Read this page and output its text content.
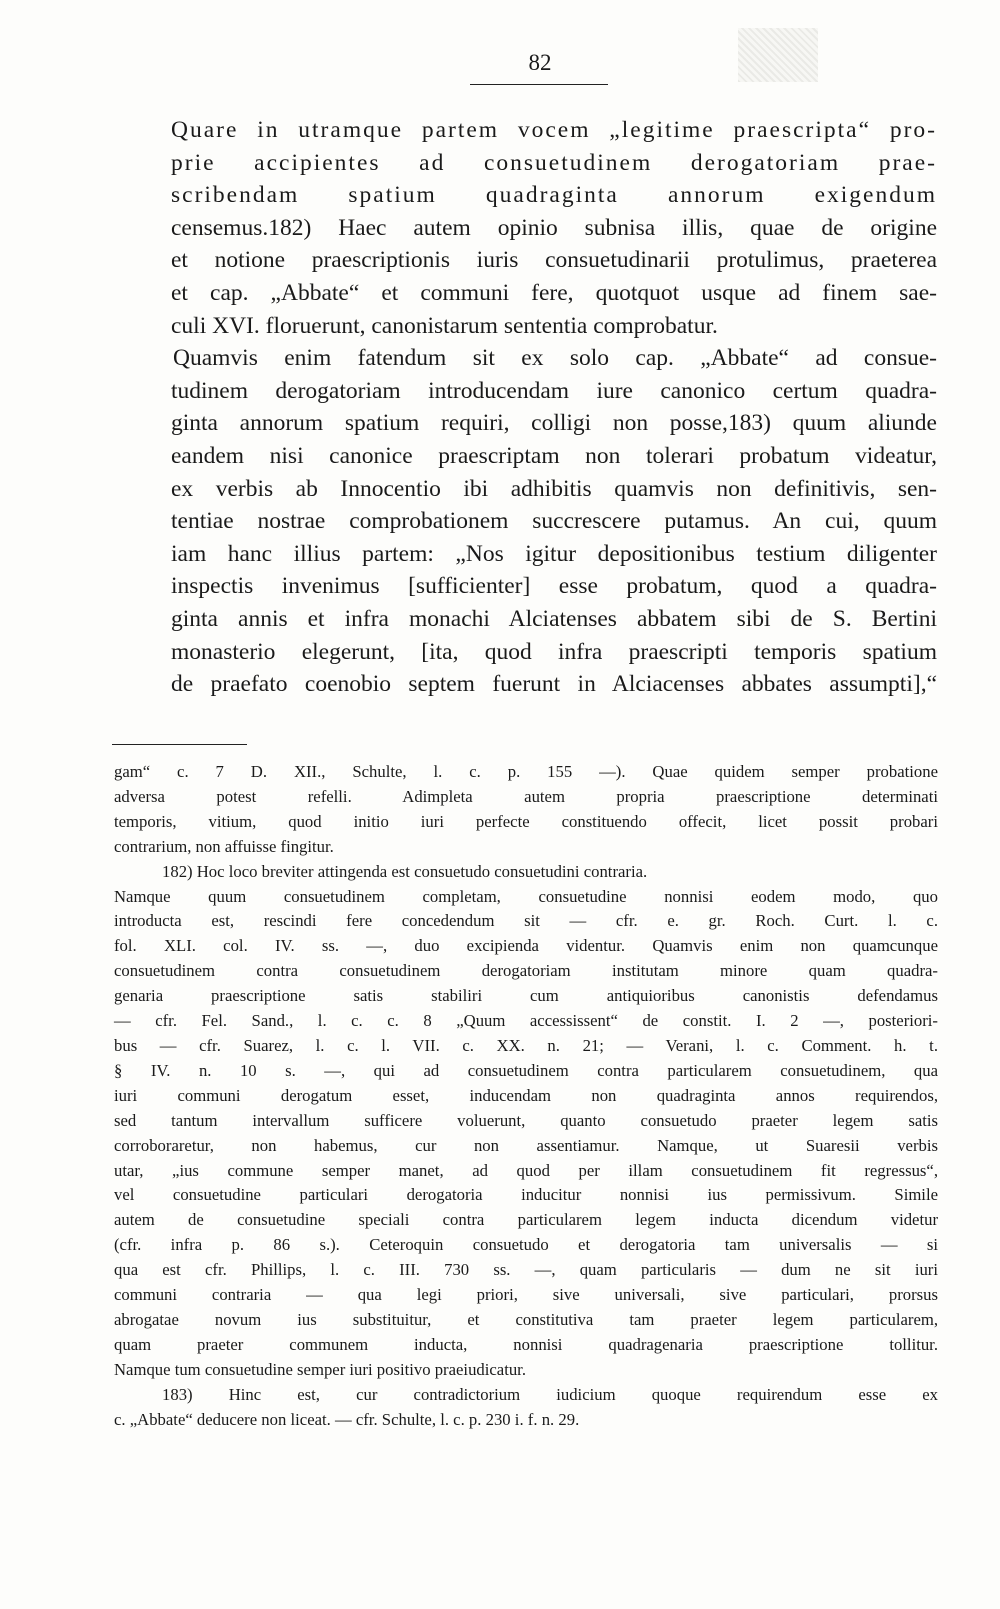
82
Quare in utramque partem vocem „legitime praescripta“ pro-
prie accipientes ad consuetudinem derogatoriam prae-
scribendam spatium quadraginta annorum exigendum
censemus.182) Haec autem opinio subnisa illis, quae de origine
et notione praescriptionis iuris consuetudinarii protulimus, praeterea
et cap. „Abbate“ et communi fere, quotquot usque ad finem sae-
culi XVI. floruerunt, canonistarum sententia comprobatur.
Quamvis enim fatendum sit ex solo cap. „Abbate“ ad consue-
tudinem derogatoriam introducendam iure canonico certum quadra-
ginta annorum spatium requiri, colligi non posse,183) quum aliunde
eandem nisi canonice praescriptam non tolerari probatum videatur,
ex verbis ab Innocentio ibi adhibitis quamvis non definitivis, sen-
tentiae nostrae comprobationem succrescere putamus. An cui, quum
iam hanc illius partem: „Nos igitur depositionibus testium diligenter
inspectis invenimus [sufficienter] esse probatum, quod a quadra-
ginta annis et infra monachi Alciatenses abbatem sibi de S. Bertini
monasterio elegerunt, [ita, quod infra praescripti temporis spatium
de praefato coenobio septem fuerunt in Alciacenses abbates assumpti],“
gam“ c. 7 D. XII., Schulte, l. c. p. 155 —). Quae quidem semper probatione
adversa potest refelli. Adimpleta autem propria praescriptione determinati
temporis, vitium, quod initio iuri perfecte constituendo offecit, licet possit probari
contrarium, non affuisse fingitur.
182) Hoc loco breviter attingenda est consuetudo consuetudini contraria.
Namque quum consuetudinem completam, consuetudine nonnisi eodem modo, quo
introducta est, rescindi fere concedendum sit — cfr. e. gr. Roch. Curt. l. c.
fol. XLI. col. IV. ss. —, duo excipienda videntur. Quamvis enim non quamcunque
consuetudinem contra consuetudinem derogatoriam institutam minore quam quadra-
genaria praescriptione satis stabiliri cum antiquioribus canonistis defendamus
— cfr. Fel. Sand., l. c. c. 8 „Quum accessissent“ de constit. I. 2 —, posteriori-
bus — cfr. Suarez, l. c. l. VII. c. XX. n. 21; — Verani, l. c. Comment. h. t.
§ IV. n. 10 s. —, qui ad consuetudinem contra particularem consuetudinem, qua
iuri communi derogatum esset, inducendam non quadraginta annos requirendos,
sed tantum intervallum sufficere voluerunt, quanto consuetudo praeter legem satis
corroboraretur, non habemus, cur non assentiamur. Namque, ut Suaresii verbis
utar, „ius commune semper manet, ad quod per illam consuetudinem fit regressus“,
vel consuetudine particulari derogatoria inducitur nonnisi ius permissivum. Simile
autem de consuetudine speciali contra particularem legem inducta dicendum videtur
(cfr. infra p. 86 s.). Ceteroquin consuetudo et derogatoria tam universalis — si
qua est cfr. Phillips, l. c. III. 730 ss. —, quam particularis — dum ne sit iuri
communi contraria — qua legi priori, sive universali, sive particulari, prorsus
abrogatae novum ius substituitur, et constitutiva tam praeter legem particularem,
quam praeter communem inducta, nonnisi quadragenaria praescriptione tollitur.
Namque tum consuetudine semper iuri positivo praeiudicatur.
183) Hinc est, cur contradictorium iudicium quoque requirendum esse ex
c. „Abbate“ deducere non liceat. — cfr. Schulte, l. c. p. 230 i. f. n. 29.
